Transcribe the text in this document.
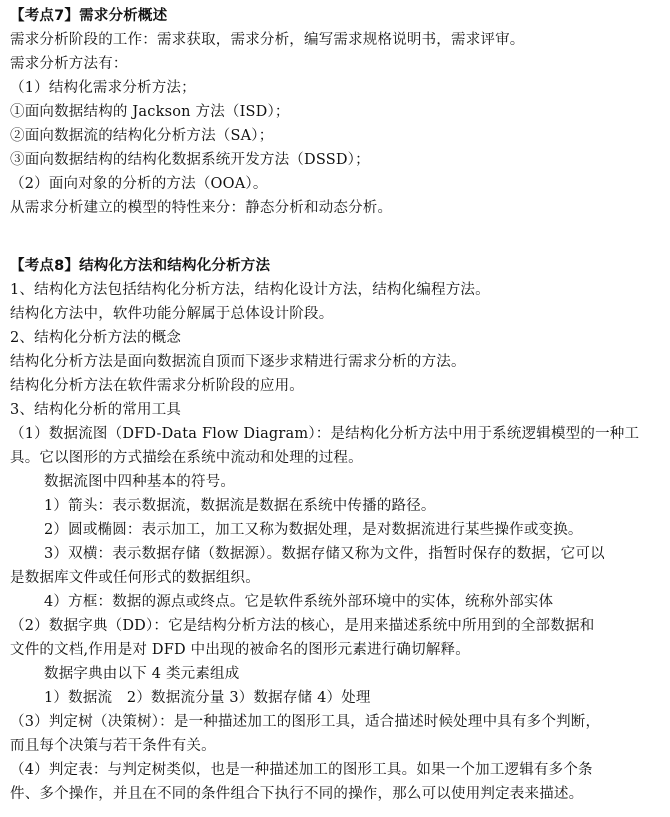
【考点7】需求分析概述
需求分析阶段的工作：需求获取，需求分析，编写需求规格说明书，需求评审。
需求分析方法有：
（1）结构化需求分析方法；
①面向数据结构的 Jackson 方法（ISD）；
②面向数据流的结构化分析方法（SA）；
③面向数据结构的结构化数据系统开发方法（DSSD）；
（2）面向对象的分析的方法（OOA）。
从需求分析建立的模型的特性来分：静态分析和动态分析。
【考点8】结构化方法和结构化分析方法
1、结构化方法包括结构化分析方法，结构化设计方法，结构化编程方法。
结构化方法中，软件功能分解属于总体设计阶段。
2、结构化分析方法的概念
结构化分析方法是面向数据流自顶而下逐步求精进行需求分析的方法。
结构化分析方法在软件需求分析阶段的应用。
3、结构化分析的常用工具
（1）数据流图（DFD-Data Flow Diagram）：是结构化分析方法中用于系统逻辑模型的一种工
具。它以图形的方式描绘在系统中流动和处理的过程。
数据流图中四种基本的符号。
1）箭头：表示数据流，数据流是数据在系统中传播的路径。
2）圆或椭圆：表示加工，加工又称为数据处理，是对数据流进行某些操作或变换。
3）双横：表示数据存储（数据源）。数据存储又称为文件，指暂时保存的数据，它可以
是数据库文件或任何形式的数据组织。
4）方框：数据的源点或终点。它是软件系统外部环境中的实体，统称外部实体
（2）数据字典（DD）：它是结构分析方法的核心，是用来描述系统中所用到的全部数据和
文件的文档,作用是对 DFD 中出现的被命名的图形元素进行确切解释。
数据字典由以下 4 类元素组成
1）数据流　2）数据流分量 3）数据存储 4）处理
（3）判定树（决策树）：是一种描述加工的图形工具，适合描述时候处理中具有多个判断，
而且每个决策与若干条件有关。
（4）判定表：与判定树类似，也是一种描述加工的图形工具。如果一个加工逻辑有多个条
件、多个操作，并且在不同的条件组合下执行不同的操作，那么可以使用判定表来描述。
